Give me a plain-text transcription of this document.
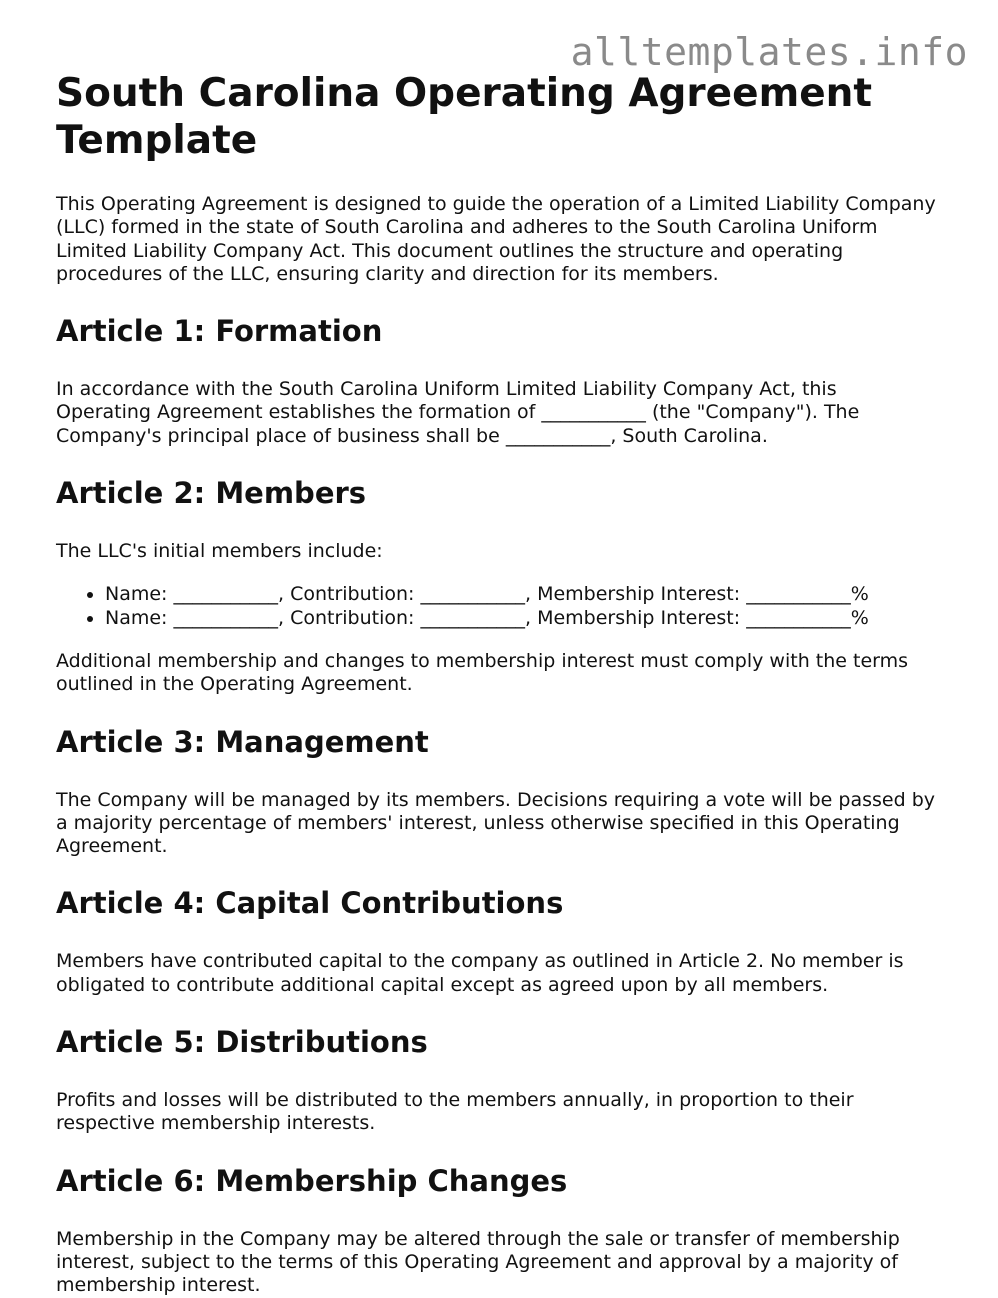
alltemplates.info
South Carolina Operating Agreement Template

This Operating Agreement is designed to guide the operation of a Limited Liability Company (LLC) formed in the state of South Carolina and adheres to the South Carolina Uniform Limited Liability Company Act. This document outlines the structure and operating procedures of the LLC, ensuring clarity and direction for its members.

Article 1: Formation

In accordance with the South Carolina Uniform Limited Liability Company Act, this Operating Agreement establishes the formation of ___________ (the "Company"). The Company's principal place of business shall be ___________, South Carolina.

Article 2: Members

The LLC's initial members include:

• Name: ___________, Contribution: ___________, Membership Interest: ___________%
• Name: ___________, Contribution: ___________, Membership Interest: ___________%

Additional membership and changes to membership interest must comply with the terms outlined in the Operating Agreement.

Article 3: Management

The Company will be managed by its members. Decisions requiring a vote will be passed by a majority percentage of members' interest, unless otherwise specified in this Operating Agreement.

Article 4: Capital Contributions

Members have contributed capital to the company as outlined in Article 2. No member is obligated to contribute additional capital except as agreed upon by all members.

Article 5: Distributions

Profits and losses will be distributed to the members annually, in proportion to their respective membership interests.

Article 6: Membership Changes

Membership in the Company may be altered through the sale or transfer of membership interest, subject to the terms of this Operating Agreement and approval by a majority of membership interest.
